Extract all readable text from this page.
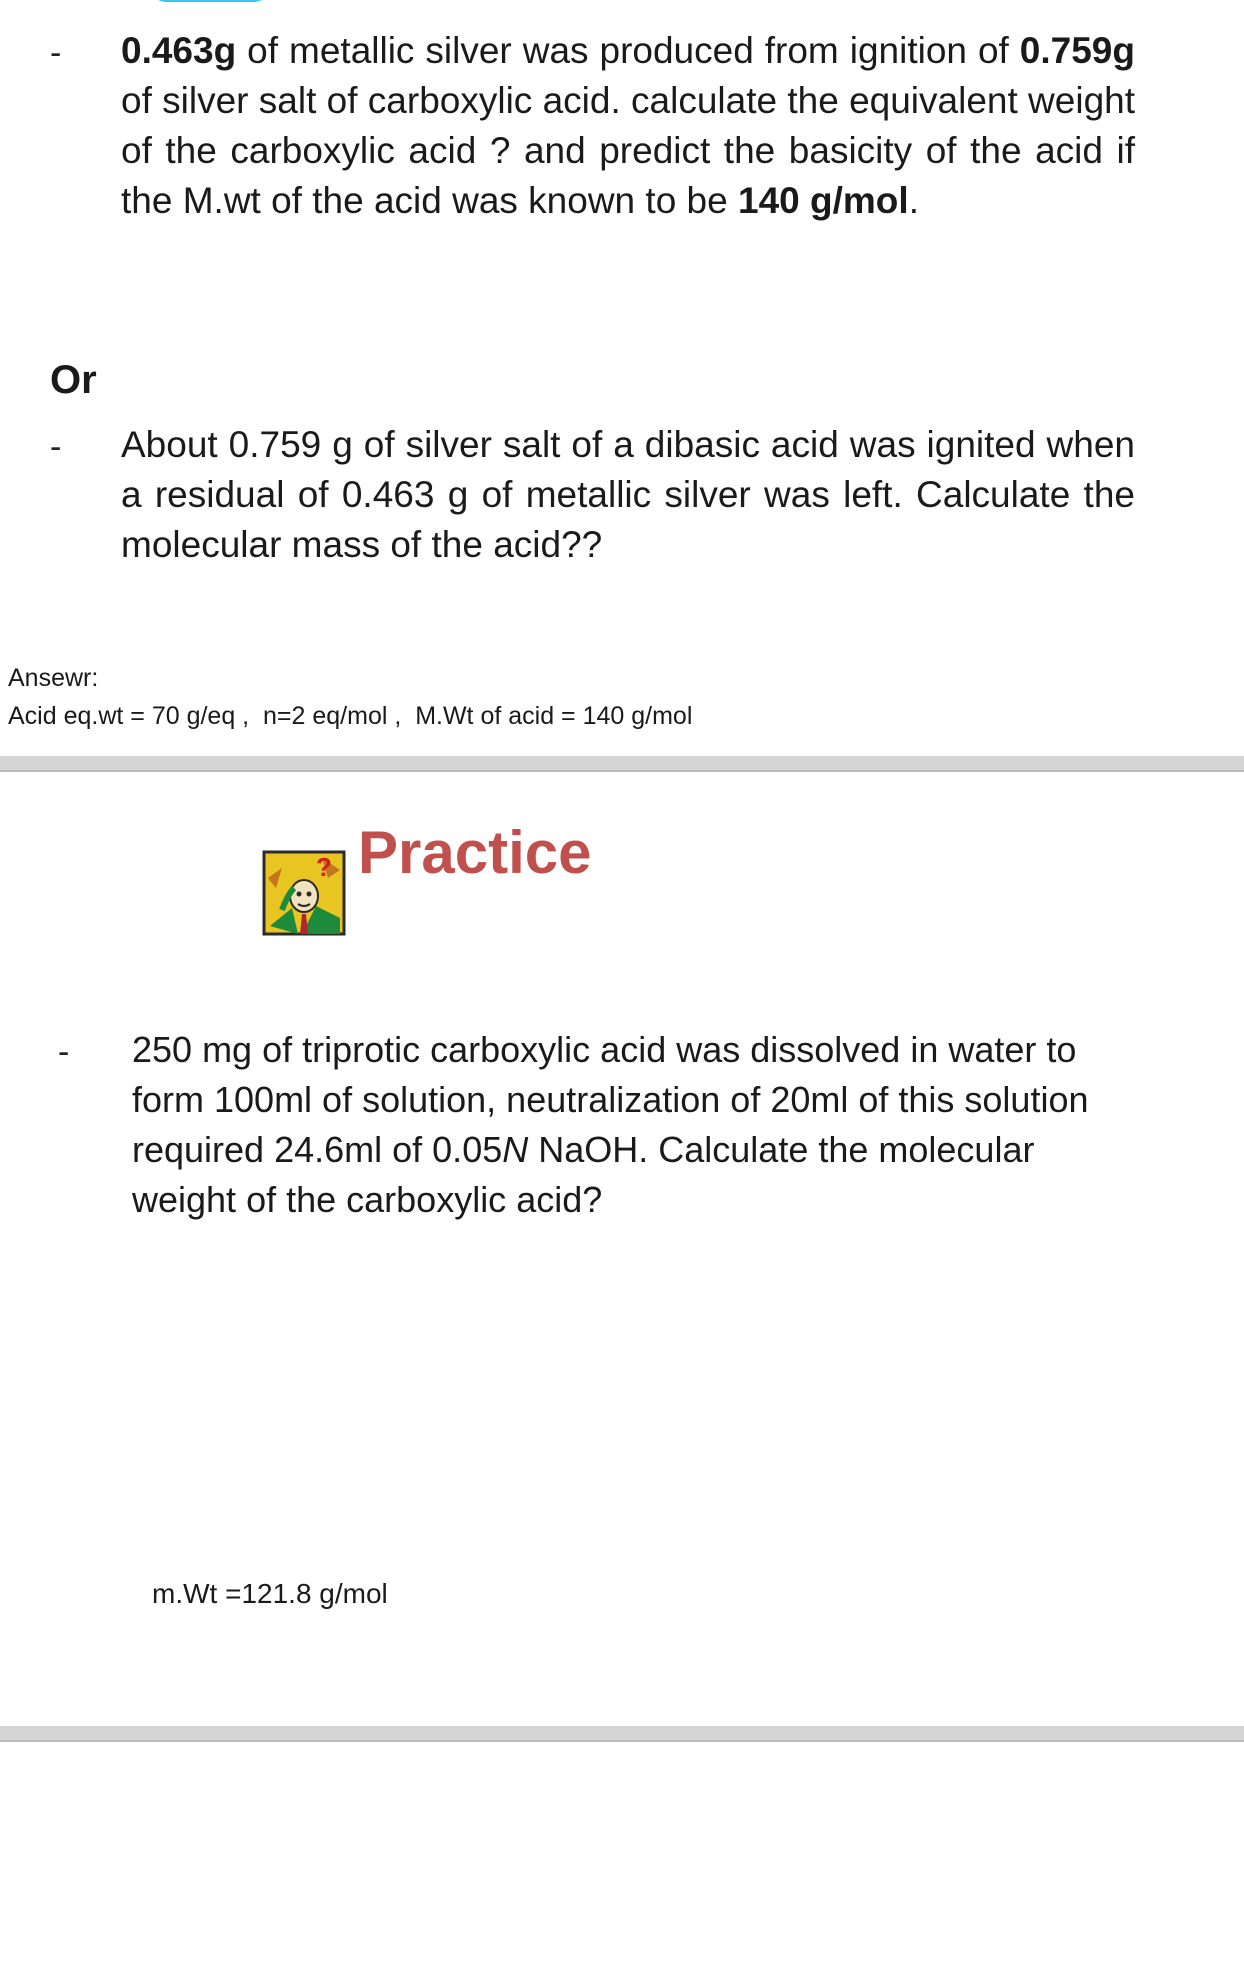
- 0.463g of metallic silver was produced from ignition of 0.759g of silver salt of carboxylic acid. calculate the equivalent weight of the carboxylic acid ? and predict the basicity of the acid if the M.wt of the acid was known to be 140 g/mol.
Or
- About 0.759 g of silver salt of a dibasic acid was ignited when a residual of 0.463 g of metallic silver was left. Calculate the molecular mass of the acid??
Ansewr:
Acid eq.wt = 70 g/eq ,  n=2 eq/mol ,  M.Wt of acid = 140 g/mol
? Practice
- 250 mg of triprotic carboxylic acid was dissolved in water to form 100ml of solution, neutralization of 20ml of this solution required 24.6ml of 0.05N NaOH. Calculate the molecular weight of the carboxylic acid?
m.Wt =121.8 g/mol
